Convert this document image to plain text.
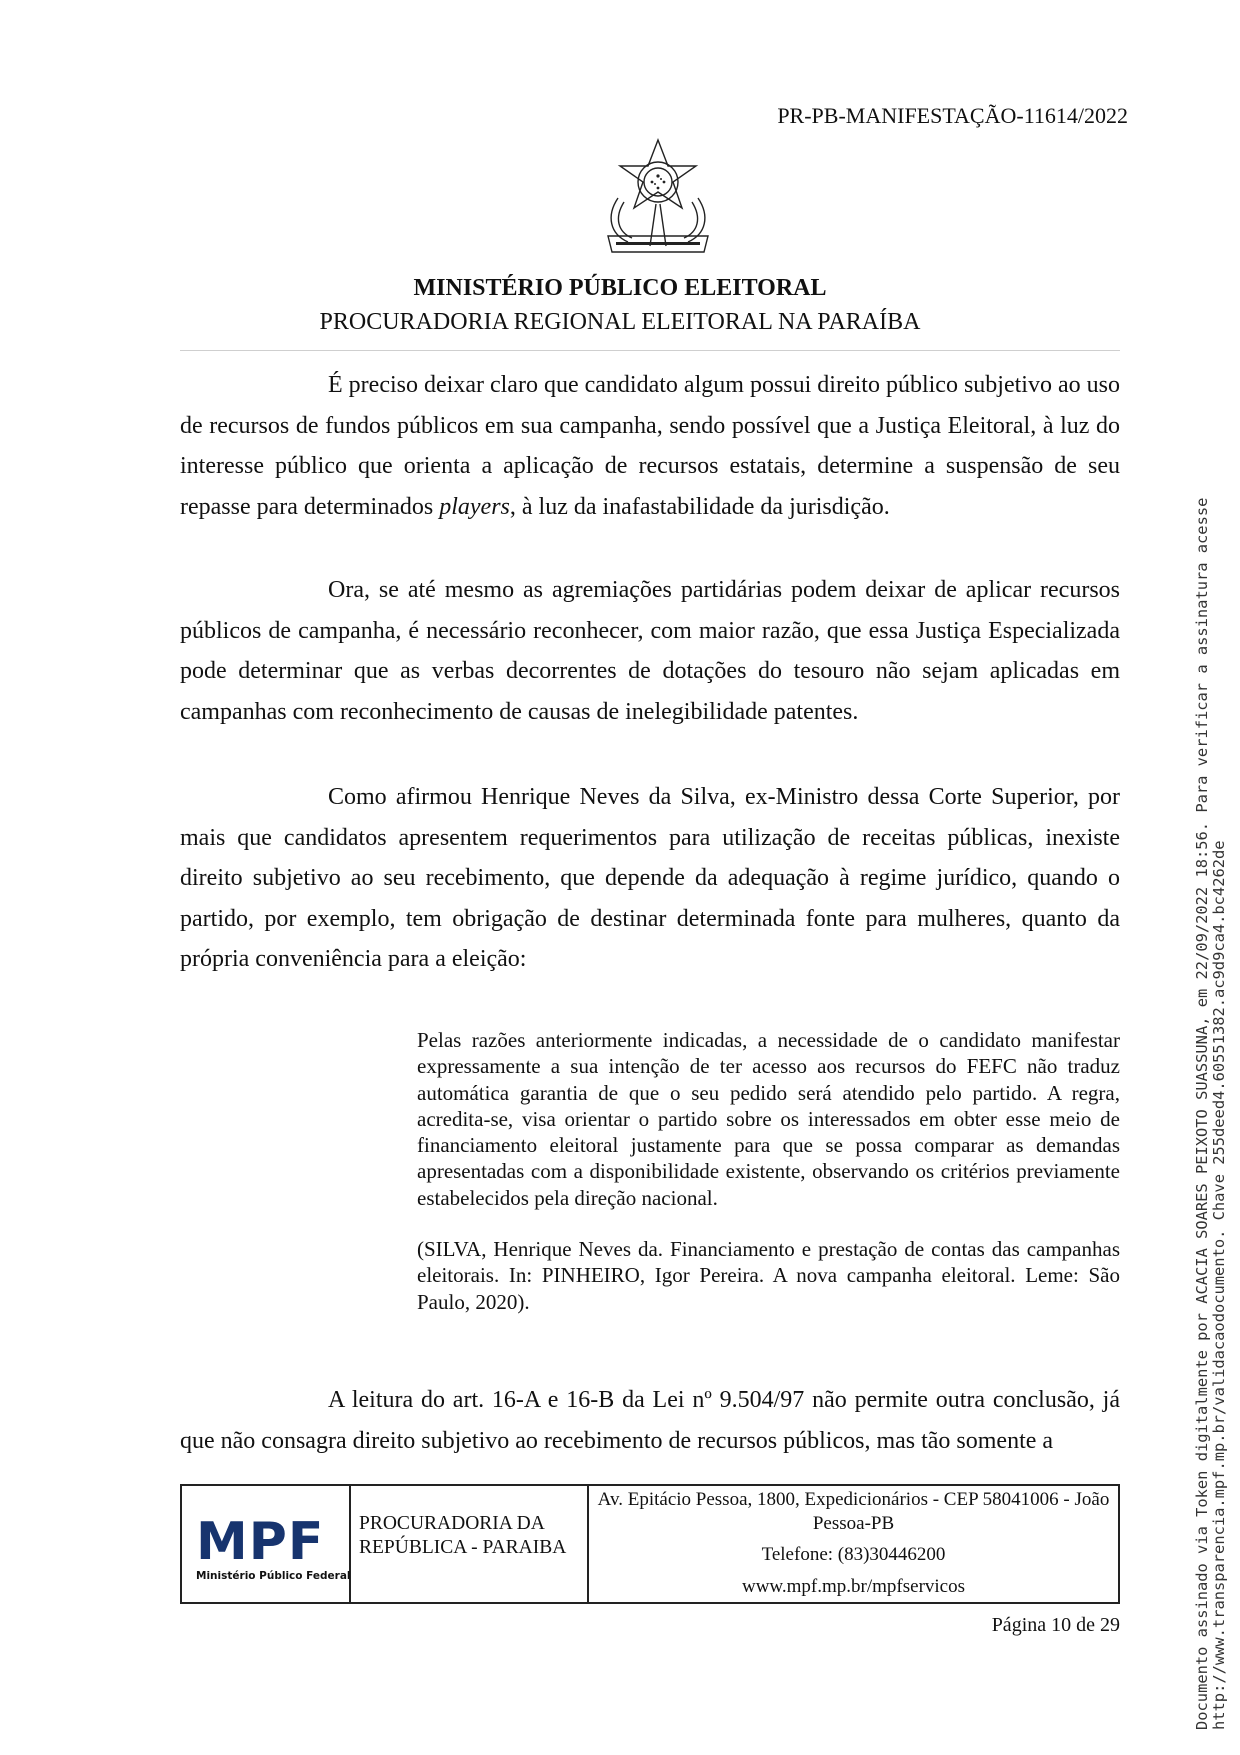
PR-PB-MANIFESTAÇÃO-11614/2022
MINISTÉRIO PÚBLICO ELEITORAL
PROCURADORIA REGIONAL ELEITORAL NA PARAÍBA

É preciso deixar claro que candidato algum possui direito público subjetivo ao uso de recursos de fundos públicos em sua campanha, sendo possível que a Justiça Eleitoral, à luz do interesse público que orienta a aplicação de recursos estatais, determine a suspensão de seu repasse para determinados players, à luz da inafastabilidade da jurisdição.

Ora, se até mesmo as agremiações partidárias podem deixar de aplicar recursos públicos de campanha, é necessário reconhecer, com maior razão, que essa Justiça Especializada pode determinar que as verbas decorrentes de dotações do tesouro não sejam aplicadas em campanhas com reconhecimento de causas de inelegibilidade patentes.

Como afirmou Henrique Neves da Silva, ex-Ministro dessa Corte Superior, por mais que candidatos apresentem requerimentos para utilização de receitas públicas, inexiste direito subjetivo ao seu recebimento, que depende da adequação à regime jurídico, quando o partido, por exemplo, tem obrigação de destinar determinada fonte para mulheres, quanto da própria conveniência para a eleição:

Pelas razões anteriormente indicadas, a necessidade de o candidato manifestar expressamente a sua intenção de ter acesso aos recursos do FEFC não traduz automática garantia de que o seu pedido será atendido pelo partido. A regra, acredita-se, visa orientar o partido sobre os interessados em obter esse meio de financiamento eleitoral justamente para que se possa comparar as demandas apresentadas com a disponibilidade existente, observando os critérios previamente estabelecidos pela direção nacional.

(SILVA, Henrique Neves da. Financiamento e prestação de contas das campanhas eleitorais. In: PINHEIRO, Igor Pereira. A nova campanha eleitoral. Leme: São Paulo, 2020).

A leitura do art. 16-A e 16-B da Lei nº 9.504/97 não permite outra conclusão, já que não consagra direito subjetivo ao recebimento de recursos públicos, mas tão somente a

MPF
Ministério Público Federal
PROCURADORIA DA REPÚBLICA - PARAIBA

Av. Epitácio Pessoa, 1800, Expedicionários - CEP 58041006 - João Pessoa-PB

Telefone: (83)30446200

www.mpf.mp.br/mpfservicos

Página 10 de 29	Documento assinado via Token digitalmente por ACACIA SOARES PEIXOTO SUASSUNA, em 22/09/2022 18:56. Para verificar a assinatura acesse http://www.transparencia.mpf.mp.br/validacaodocumento. Chave 255deed4.60551382.ac9d9ca4.bc4262de
